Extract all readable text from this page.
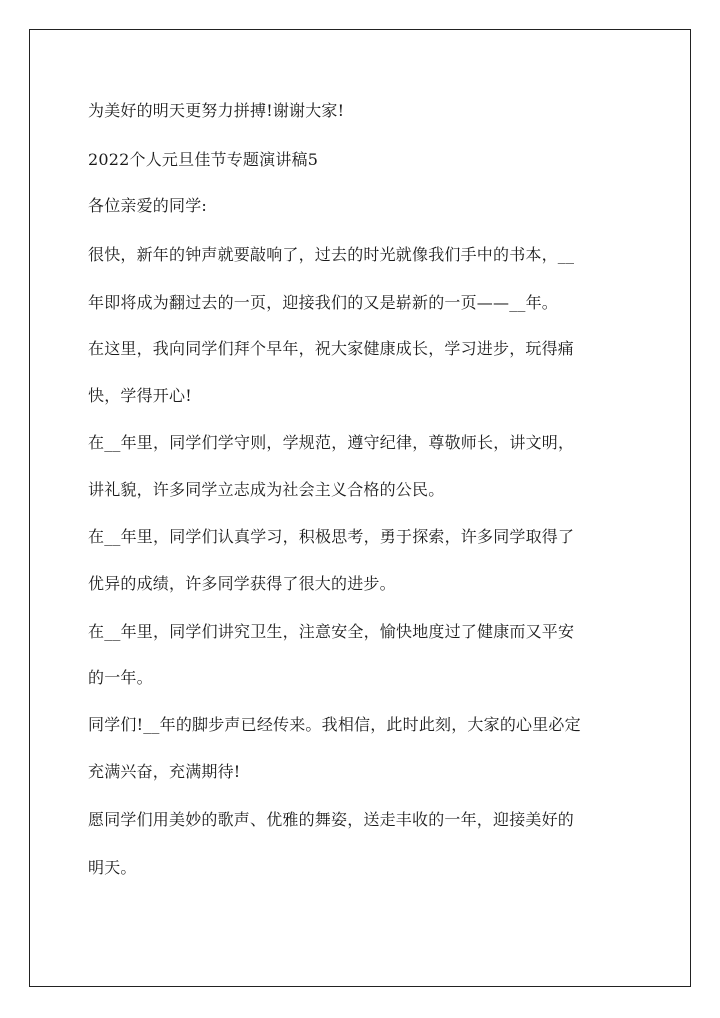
为美好的明天更努力拼搏!谢谢大家!
2022个人元旦佳节专题演讲稿5
各位亲爱的同学:
很快，新年的钟声就要敲响了，过去的时光就像我们手中的书本，__
年即将成为翻过去的一页，迎接我们的又是崭新的一页——__年。
在这里，我向同学们拜个早年，祝大家健康成长，学习进步，玩得痛
快，学得开心!
在__年里，同学们学守则，学规范，遵守纪律，尊敬师长，讲文明，
讲礼貌，许多同学立志成为社会主义合格的公民。
在__年里，同学们认真学习，积极思考，勇于探索，许多同学取得了
优异的成绩，许多同学获得了很大的进步。
在__年里，同学们讲究卫生，注意安全，愉快地度过了健康而又平安
的一年。
同学们!__年的脚步声已经传来。我相信，此时此刻，大家的心里必定
充满兴奋，充满期待!
愿同学们用美妙的歌声、优雅的舞姿，送走丰收的一年，迎接美好的
明天。
